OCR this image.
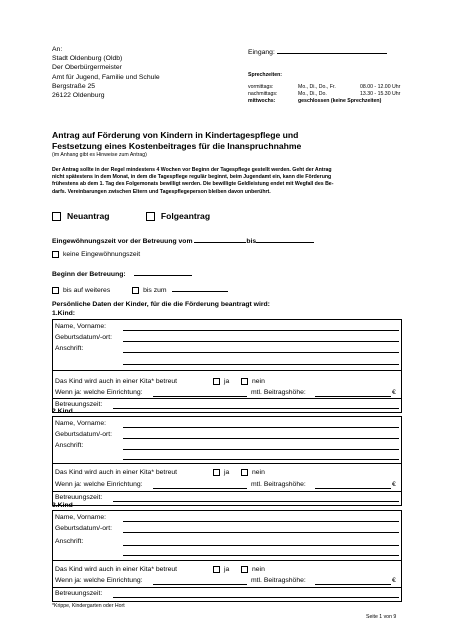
An:
Stadt Oldenburg (Oldb)
Der Oberbürgermeister
Amt für Jugend, Familie und Schule
Bergstraße 25
26122 Oldenburg
Eingang:
Sprechzeiten:
vormittags:	Mo., Di., Do., Fr.	08.00 - 12.00 Uhr
nachmittags:	Mo., Di., Do.	13.30 - 15.30 Uhr
mittwochs:	geschlossen (keine Sprechzeiten)
Antrag auf Förderung von Kindern in Kindertagespflege und
Festsetzung eines Kostenbeitrages für die Inanspruchnahme
(im Anhang gibt es Hinweise zum Antrag)
Der Antrag sollte in der Regel mindestens 4 Wochen vor Beginn der Tagespflege gestellt werden. Geht der Antrag
nicht spätestens in dem Monat, in dem die Tagespflege regulär beginnt, beim Jugendamt ein, kann die Förderung
frühestens ab dem 1. Tag des Folgemonats bewilligt werden. Die bewilligte Geldleistung endet mit Wegfall des Be-
darfs. Vereinbarungen zwischen Eltern und Tagespflegeperson bleiben davon unberührt.
Neuantrag	Folgeantrag
Eingewöhnungszeit vor der Betreuung vom	bis
keine Eingewöhnungszeit
Beginn der Betreuung:
bis auf weiteres	bis zum
Persönliche Daten der Kinder, für die die Förderung beantragt wird:
1.Kind:
Name, Vorname:
Geburtsdatum/-ort:
Anschrift:
Das Kind wird auch in einer Kita* betreut	ja	nein
Wenn ja: welche Einrichtung:	mtl. Beitragshöhe:	€
Betreuungszeit:
2.Kind
Name, Vorname:
Geburtsdatum/-ort:
Anschrift:
Das Kind wird auch in einer Kita* betreut	ja	nein
Wenn ja: welche Einrichtung:	mtl. Beitragshöhe:	€
Betreuungszeit:
3.Kind
Name, Vorname:
Geburtsdatum/-ort:
Anschrift:
Das Kind wird auch in einer Kita* betreut	ja	nein
Wenn ja: welche Einrichtung:	mtl. Beitragshöhe:	€
Betreuungszeit:
*Krippe, Kindergarten oder Hort
Seite 1 von 9
